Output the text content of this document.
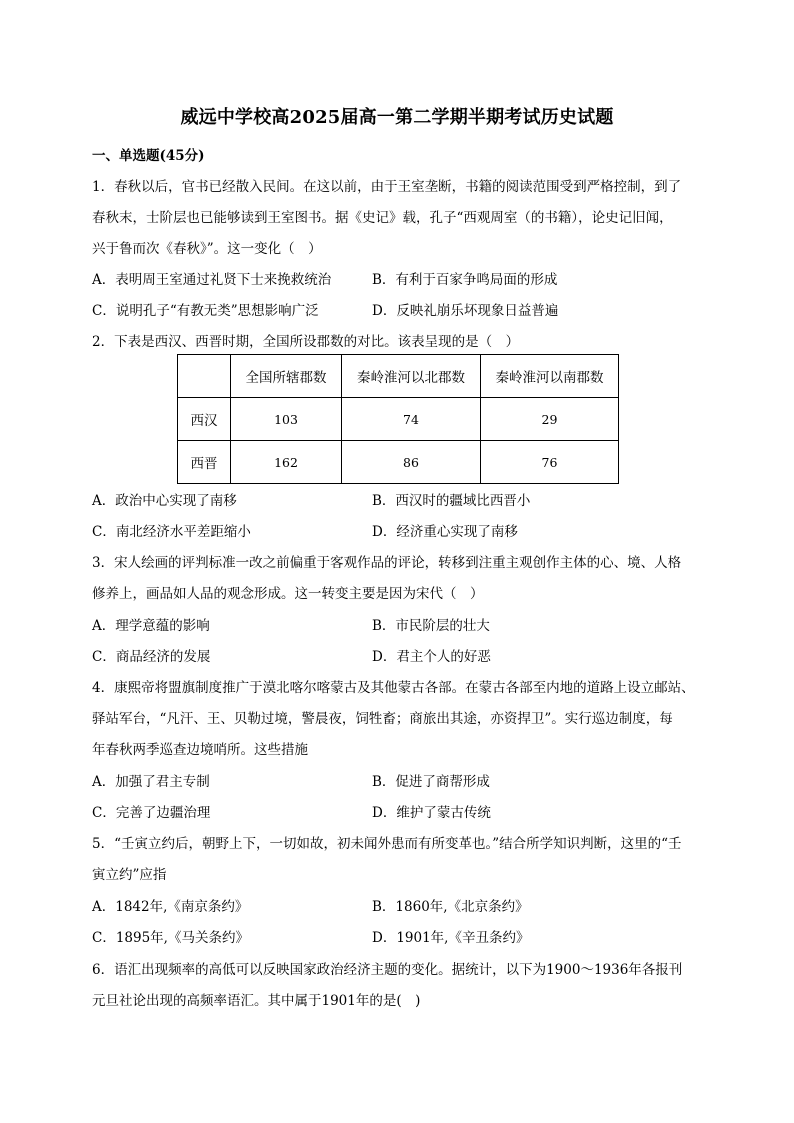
威远中学校高2025届高一第二学期半期考试历史试题
一、单选题(45分)
1．春秋以后，官书已经散入民间。在这以前，由于王室垄断，书籍的阅读范围受到严格控制，到了
春秋末，士阶层也已能够读到王室图书。据《史记》载，孔子“西观周室（的书籍），论史记旧闻，
兴于鲁而次《春秋》”。这一变化（　）
A．表明周王室通过礼贤下士来挽救统治	B．有利于百家争鸣局面的形成
C．说明孔子“有教无类”思想影响广泛	D．反映礼崩乐坏现象日益普遍
2．下表是西汉、西晋时期，全国所设郡数的对比。该表呈现的是（　）
	全国所辖郡数	秦岭淮河以北郡数	秦岭淮河以南郡数
西汉	103	74	29
西晋	162	86	76
A．政治中心实现了南移	B．西汉时的疆域比西晋小
C．南北经济水平差距缩小	D．经济重心实现了南移
3．宋人绘画的评判标准一改之前偏重于客观作品的评论，转移到注重主观创作主体的心、境、人格
修养上，画品如人品的观念形成。这一转变主要是因为宋代（　）
A．理学意蕴的影响	B．市民阶层的壮大
C．商品经济的发展	D．君主个人的好恶
4．康熙帝将盟旗制度推广于漠北喀尔喀蒙古及其他蒙古各部。在蒙古各部至内地的道路上设立邮站、
驿站军台，“凡汗、王、贝勒过境，警晨夜，饲牲畜；商旅出其途，亦资捍卫”。实行巡边制度，每
年春秋两季巡查边境哨所。这些措施
A．加强了君主专制	B．促进了商帮形成
C．完善了边疆治理	D．维护了蒙古传统
5．“壬寅立约后，朝野上下，一切如故，初未闻外患而有所变革也。”结合所学知识判断，这里的“壬
寅立约”应指
A．1842年,《南京条约》	B．1860年,《北京条约》
C．1895年,《马关条约》	D．1901年,《辛丑条约》
6．语汇出现频率的高低可以反映国家政治经济主题的变化。据统计，以下为1900～1936年各报刊
元旦社论出现的高频率语汇。其中属于1901年的是(　)
